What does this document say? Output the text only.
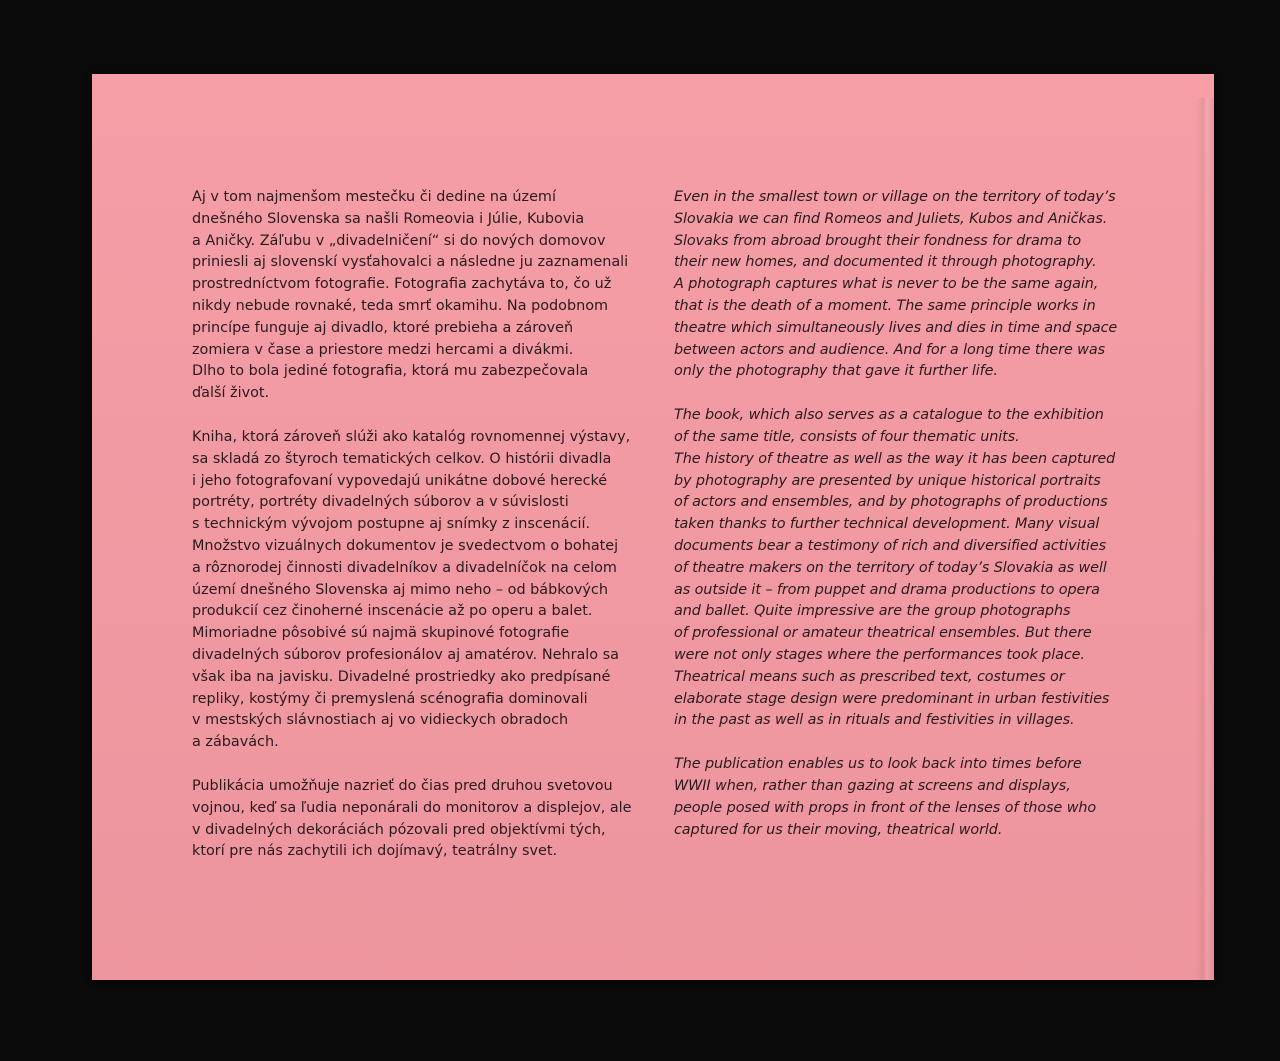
Aj v tom najmenšom mestečku či dedine na území
dnešného Slovenska sa našli Romeovia i Júlie, Kubovia
a Aničky. Záľubu v „divadelničení“ si do nových domovov
priniesli aj slovenskí vysťahovalci a následne ju zaznamenali
prostredníctvom fotografie. Fotografia zachytáva to, čo už
nikdy nebude rovnaké, teda smrť okamihu. Na podobnom
princípe funguje aj divadlo, ktoré prebieha a zároveň
zomiera v čase a priestore medzi hercami a divákmi.
Dlho to bola jediné fotografia, ktorá mu zabezpečovala
ďalší život.

Kniha, ktorá zároveň slúži ako katalóg rovnomennej výstavy,
sa skladá zo štyroch tematických celkov. O histórii divadla
i jeho fotografovaní vypovedajú unikátne dobové herecké
portréty, portréty divadelných súborov a v súvislosti
s technickým vývojom postupne aj snímky z inscenácií.
Množstvo vizuálnych dokumentov je svedectvom o bohatej
a rôznorodej činnosti divadelníkov a divadelníčok na celom
území dnešného Slovenska aj mimo neho – od bábkových
produkcií cez činoherné inscenácie až po operu a balet.
Mimoriadne pôsobivé sú najmä skupinové fotografie
divadelných súborov profesionálov aj amatérov. Nehralo sa
však iba na javisku. Divadelné prostriedky ako predpísané
repliky, kostýmy či premyslená scénografia dominovali
v mestských slávnostiach aj vo vidieckych obradoch
a zábavách.

Publikácia umožňuje nazrieť do čias pred druhou svetovou
vojnou, keď sa ľudia neponárali do monitorov a displejov, ale
v divadelných dekoráciách pózovali pred objektívmi tých,
ktorí pre nás zachytili ich dojímavý, teatrálny svet.

Even in the smallest town or village on the territory of today’s
Slovakia we can find Romeos and Juliets, Kubos and Aničkas.
Slovaks from abroad brought their fondness for drama to
their new homes, and documented it through photography.
A photograph captures what is never to be the same again,
that is the death of a moment. The same principle works in
theatre which simultaneously lives and dies in time and space
between actors and audience. And for a long time there was
only the photography that gave it further life.

The book, which also serves as a catalogue to the exhibition
of the same title, consists of four thematic units.
The history of theatre as well as the way it has been captured
by photography are presented by unique historical portraits
of actors and ensembles, and by photographs of productions
taken thanks to further technical development. Many visual
documents bear a testimony of rich and diversified activities
of theatre makers on the territory of today’s Slovakia as well
as outside it – from puppet and drama productions to opera
and ballet. Quite impressive are the group photographs
of professional or amateur theatrical ensembles. But there
were not only stages where the performances took place.
Theatrical means such as prescribed text, costumes or
elaborate stage design were predominant in urban festivities
in the past as well as in rituals and festivities in villages.

The publication enables us to look back into times before
WWII when, rather than gazing at screens and displays,
people posed with props in front of the lenses of those who
captured for us their moving, theatrical world.
